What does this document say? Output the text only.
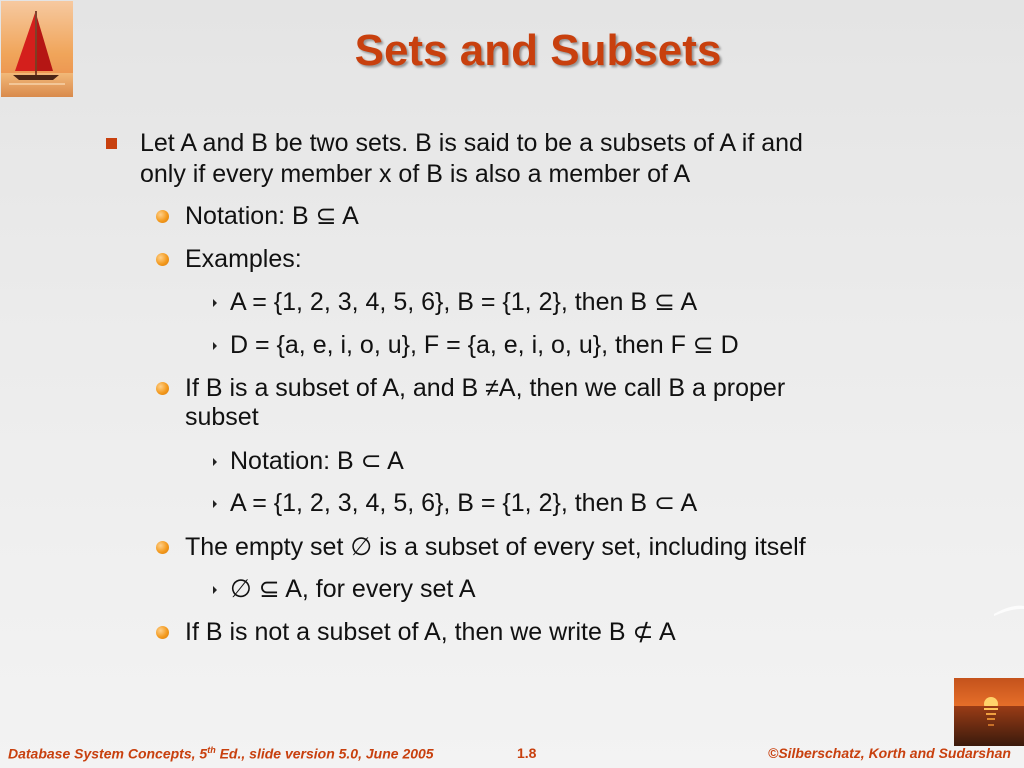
Sets and Subsets
Let A and B be two sets. B is said to be a subsets of A if and
only if every member x of B is also a member of A
Notation: B ⊆ A
Examples:
A = {1, 2, 3, 4, 5, 6}, B = {1, 2}, then B ⊆ A
D = {a, e, i, o, u}, F = {a, e, i, o, u}, then F ⊆ D
If B is a subset of A, and B ≠A, then we call B a proper
subset
Notation: B ⊂ A
A = {1, 2, 3, 4, 5, 6}, B = {1, 2}, then B ⊂ A
The empty set ∅ is a subset of every set, including itself
∅ ⊆ A, for every set A
If B is not a subset of A, then we write B ⊄ A
Database System Concepts, 5th Ed., slide version 5.0, June 2005	1.8	©Silberschatz, Korth and Sudarshan
